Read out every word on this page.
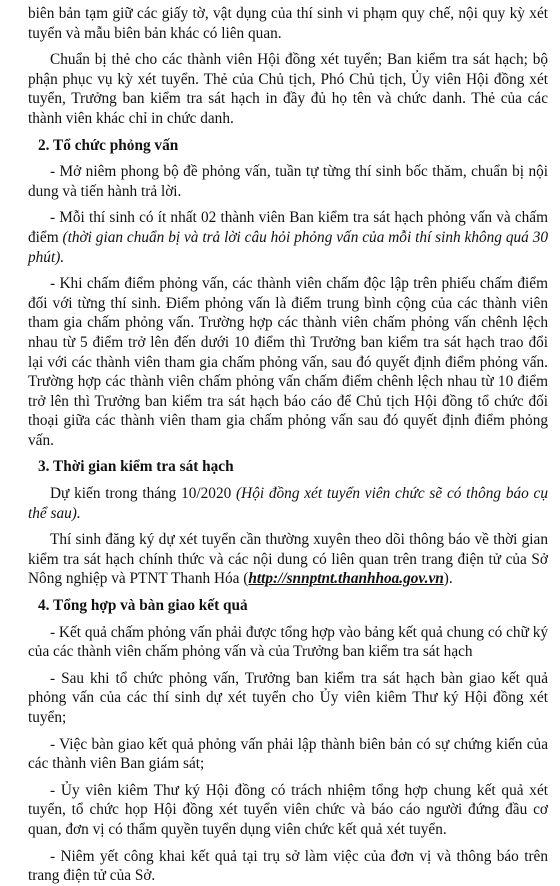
biên bản tạm giữ các giấy tờ, vật dụng của thí sinh vi phạm quy chế, nội quy kỳ xét tuyển và mẫu biên bản khác có liên quan.

Chuẩn bị thẻ cho các thành viên Hội đồng xét tuyển; Ban kiểm tra sát hạch; bộ phận phục vụ kỳ xét tuyển. Thẻ của Chủ tịch, Phó Chủ tịch, Ủy viên Hội đồng xét tuyển, Trưởng ban kiểm tra sát hạch in đầy đủ họ tên và chức danh. Thẻ của các thành viên khác chỉ in chức danh.

2. Tổ chức phỏng vấn

- Mở niêm phong bộ đề phỏng vấn, tuần tự từng thí sinh bốc thăm, chuẩn bị nội dung và tiến hành trả lời.

- Mỗi thí sinh có ít nhất 02 thành viên Ban kiểm tra sát hạch phỏng vấn và chấm điểm (thời gian chuẩn bị và trả lời câu hỏi phỏng vấn của mỗi thí sinh không quá 30 phút).

- Khi chấm điểm phỏng vấn, các thành viên chấm độc lập trên phiếu chấm điểm đối với từng thí sinh. Điểm phỏng vấn là điểm trung bình cộng của các thành viên tham gia chấm phỏng vấn. Trường hợp các thành viên chấm phỏng vấn chênh lệch nhau từ 5 điểm trở lên đến dưới 10 điểm thì Trưởng ban kiểm tra sát hạch trao đổi lại với các thành viên tham gia chấm phỏng vấn, sau đó quyết định điểm phỏng vấn. Trường hợp các thành viên chấm phỏng vấn chấm điểm chênh lệch nhau từ 10 điểm trở lên thì Trưởng ban kiểm tra sát hạch báo cáo để Chủ tịch Hội đồng tổ chức đối thoại giữa các thành viên tham gia chấm phỏng vấn sau đó quyết định điểm phỏng vấn.

3. Thời gian kiểm tra sát hạch

Dự kiến trong tháng 10/2020 (Hội đồng xét tuyển viên chức sẽ có thông báo cụ thể sau).

Thí sinh đăng ký dự xét tuyển cần thường xuyên theo dõi thông báo về thời gian kiểm tra sát hạch chính thức và các nội dung có liên quan trên trang điện tử của Sở Nông nghiệp và PTNT Thanh Hóa (http://snnptnt.thanhhoa.gov.vn).

4. Tổng hợp và bàn giao kết quả

- Kết quả chấm phỏng vấn phải được tổng hợp vào bảng kết quả chung có chữ ký của các thành viên chấm phỏng vấn và của Trưởng ban kiểm tra sát hạch

- Sau khi tổ chức phỏng vấn, Trưởng ban kiểm tra sát hạch bàn giao kết quả phỏng vấn của các thí sinh dự xét tuyển cho Ủy viên kiêm Thư ký Hội đồng xét tuyển;

- Việc bàn giao kết quả phỏng vấn phải lập thành biên bản có sự chứng kiến của các thành viên Ban giám sát;

- Ủy viên kiêm Thư ký Hội đồng có trách nhiệm tổng hợp chung kết quả xét tuyển, tổ chức họp Hội đồng xét tuyển viên chức và báo cáo người đứng đầu cơ quan, đơn vị có thẩm quyền tuyển dụng viên chức kết quả xét tuyển.

- Niêm yết công khai kết quả tại trụ sở làm việc của đơn vị và thông báo trên trang điện tử của Sở.
